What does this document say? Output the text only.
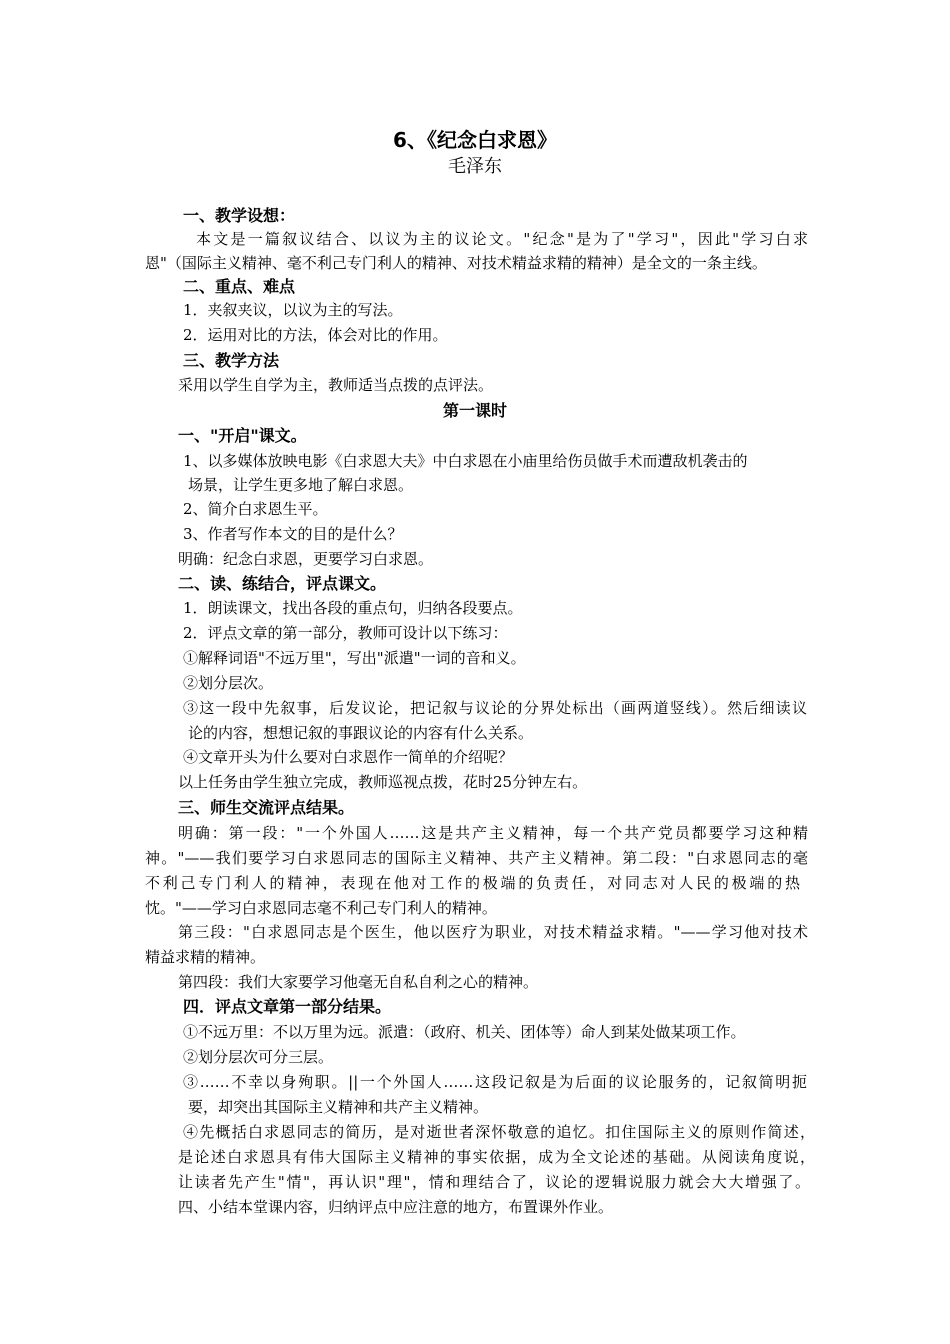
6、《纪念白求恩》
毛泽东
一、教学设想：
本文是一篇叙议结合、以议为主的议论文。"纪念"是为了"学习"，因此"学习白求
恩"（国际主义精神、毫不利己专门利人的精神、对技术精益求精的精神）是全文的一条主线。
二、重点、难点
1．夹叙夹议，以议为主的写法。
2．运用对比的方法，体会对比的作用。
三、教学方法
采用以学生自学为主，教师适当点拨的点评法。
第一课时
一、"开启"课文。
1、以多媒体放映电影《白求恩大夫》中白求恩在小庙里给伤员做手术而遭敌机袭击的
场景，让学生更多地了解白求恩。
2、简介白求恩生平。
3、作者写作本文的目的是什么？
明确：纪念白求恩，更要学习白求恩。
二、读、练结合，评点课文。
1．朗读课文，找出各段的重点句，归纳各段要点。
2．评点文章的第一部分，教师可设计以下练习：
①解释词语"不远万里"，写出"派遣"一词的音和义。
②划分层次。
③这一段中先叙事，后发议论，把记叙与议论的分界处标出（画两道竖线）。然后细读议
论的内容，想想记叙的事跟议论的内容有什么关系。
④文章开头为什么要对白求恩作一简单的介绍呢？
以上任务由学生独立完成，教师巡视点拨，花时25分钟左右。
三、师生交流评点结果。
明确：第一段："一个外国人……这是共产主义精神，每一个共产党员都要学习这种精
神。"——我们要学习白求恩同志的国际主义精神、共产主义精神。第二段："白求恩同志的毫
不利己专门利人的精神，表现在他对工作的极端的负责任，对同志对人民的极端的热
忱。"——学习白求恩同志毫不利己专门利人的精神。
第三段："白求恩同志是个医生，他以医疗为职业，对技术精益求精。"——学习他对技术
精益求精的精神。
第四段：我们大家要学习他毫无自私自利之心的精神。
四．评点文章第一部分结果。
①不远万里：不以万里为远。派遣：（政府、机关、团体等）命人到某处做某项工作。
②划分层次可分三层。
③……不幸以身殉职。||一个外国人……这段记叙是为后面的议论服务的，记叙简明扼
要，却突出其国际主义精神和共产主义精神。
④先概括白求恩同志的简历，是对逝世者深怀敬意的追忆。扣住国际主义的原则作简述，
是论述白求恩具有伟大国际主义精神的事实依据，成为全文论述的基础。从阅读角度说，
让读者先产生"情"，再认识"理"，情和理结合了，议论的逻辑说服力就会大大增强了。
四、小结本堂课内容，归纳评点中应注意的地方，布置课外作业。
